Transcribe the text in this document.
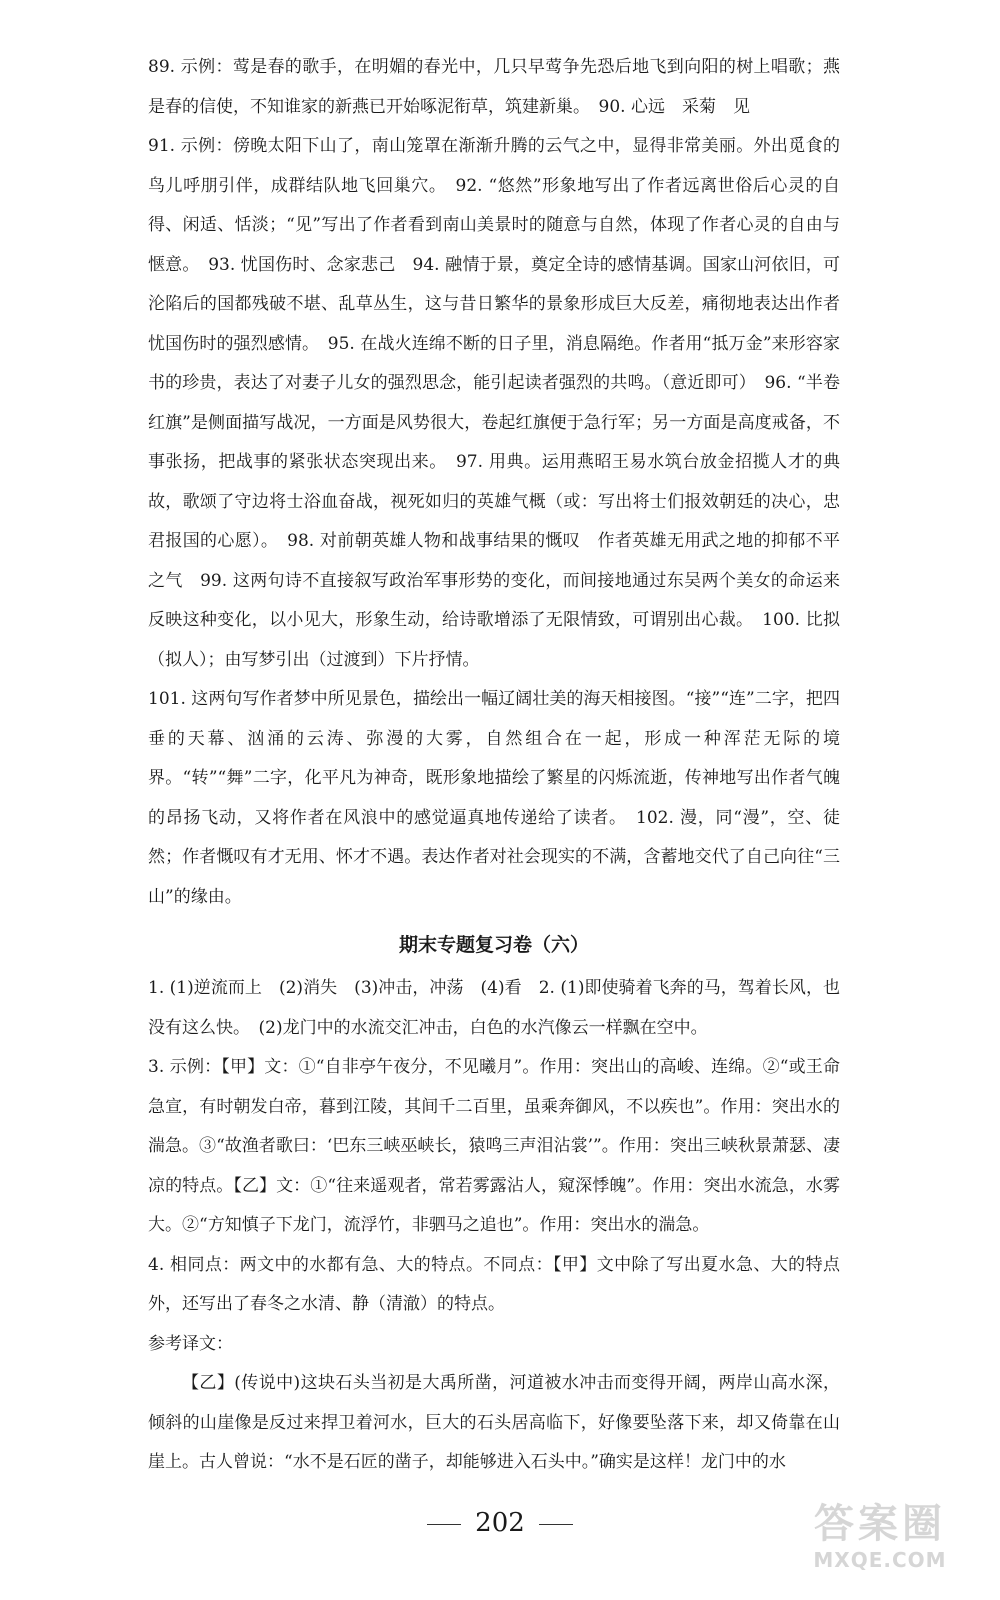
89. 示例：莺是春的歌手，在明媚的春光中，几只早莺争先恐后地飞到向阳的树上唱歌；燕是春的信使，不知谁家的新燕已开始啄泥衔草，筑建新巢。　90. 心远　采菊　见

91. 示例：傍晚太阳下山了，南山笼罩在渐渐升腾的云气之中，显得非常美丽。外出觅食的鸟儿呼朋引伴，成群结队地飞回巢穴。　92. “悠然”形象地写出了作者远离世俗后心灵的自得、闲适、恬淡；“见”写出了作者看到南山美景时的随意与自然，体现了作者心灵的自由与惬意。　93. 忧国伤时、念家悲己　94. 融情于景，奠定全诗的感情基调。国家山河依旧，可沦陷后的国都残破不堪、乱草丛生，这与昔日繁华的景象形成巨大反差，痛彻地表达出作者忧国伤时的强烈感情。　95. 在战火连绵不断的日子里，消息隔绝。作者用“抵万金”来形容家书的珍贵，表达了对妻子儿女的强烈思念，能引起读者强烈的共鸣。（意近即可）　96. “半卷红旗”是侧面描写战况，一方面是风势很大，卷起红旗便于急行军；另一方面是高度戒备，不事张扬，把战事的紧张状态突现出来。　97. 用典。运用燕昭王易水筑台放金招揽人才的典故，歌颂了守边将士浴血奋战，视死如归的英雄气概（或：写出将士们报效朝廷的决心，忠君报国的心愿）。　98. 对前朝英雄人物和战事结果的慨叹　作者英雄无用武之地的抑郁不平之气　99. 这两句诗不直接叙写政治军事形势的变化，而间接地通过东吴两个美女的命运来反映这种变化，以小见大，形象生动，给诗歌增添了无限情致，可谓别出心裁。　100. 比拟（拟人）；由写梦引出（过渡到）下片抒情。

101. 这两句写作者梦中所见景色，描绘出一幅辽阔壮美的海天相接图。“接”“连”二字，把四垂的天幕、汹涌的云涛、弥漫的大雾，自然组合在一起，形成一种浑茫无际的境界。“转”“舞”二字，化平凡为神奇，既形象地描绘了繁星的闪烁流逝，传神地写出作者气魄的昂扬飞动，又将作者在风浪中的感觉逼真地传递给了读者。　102. 漫，同“漫”，空、徒然；作者慨叹有才无用、怀才不遇。表达作者对社会现实的不满，含蓄地交代了自己向往“三山”的缘由。

期末专题复习卷（六）

1. (1)逆流而上　(2)消失　(3)冲击，冲荡　(4)看　2. (1)即使骑着飞奔的马，驾着长风，也没有这么快。　(2)龙门中的水流交汇冲击，白色的水汽像云一样飘在空中。

3. 示例：【甲】文：①“自非亭午夜分，不见曦月”。作用：突出山的高峻、连绵。②“或王命急宣，有时朝发白帝，暮到江陵，其间千二百里，虽乘奔御风，不以疾也”。作用：突出水的湍急。③“故渔者歌曰：‘巴东三峡巫峡长，猿鸣三声泪沾裳’”。作用：突出三峡秋景萧瑟、凄凉的特点。【乙】文：①“往来遥观者，常若雾露沾人，窥深悸魄”。作用：突出水流急，水雾大。②“方知慎子下龙门，流浮竹，非驷马之追也”。作用：突出水的湍急。

4. 相同点：两文中的水都有急、大的特点。不同点：【甲】文中除了写出夏水急、大的特点外，还写出了春冬之水清、静（清澈）的特点。

参考译文：

【乙】(传说中)这块石头当初是大禹所凿，河道被水冲击而变得开阔，两岸山高水深，倾斜的山崖像是反过来捍卫着河水，巨大的石头居高临下，好像要坠落下来，却又倚靠在山崖上。古人曾说：“水不是石匠的凿子，却能够进入石头中。”确实是这样！龙门中的水

202	答案圈
MXQE.COM
